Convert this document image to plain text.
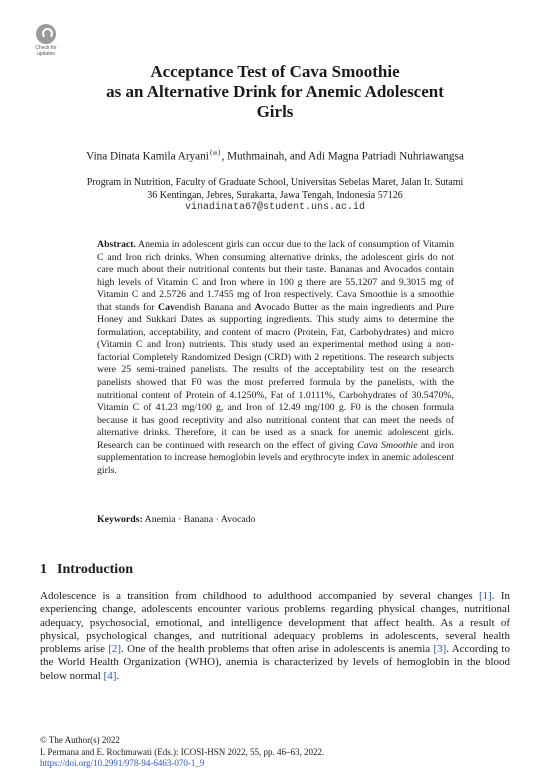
Check for
updates
Acceptance Test of Cava Smoothie
as an Alternative Drink for Anemic Adolescent
Girls
Vina Dinata Kamila Aryani(✉), Muthmainah, and Adi Magna Patriadi Nuhriawangsa
Program in Nutrition, Faculty of Graduate School, Universitas Sebelas Maret, Jalan Ir. Sutami
36 Kentingan, Jebres, Surakarta, Jawa Tengah, Indonesia 57126
vinadinata67@student.uns.ac.id
Abstract. Anemia in adolescent girls can occur due to the lack of consumption of Vitamin C and Iron rich drinks. When consuming alternative drinks, the adolescent girls do not care much about their nutritional contents but their taste. Bananas and Avocados contain high levels of Vitamin C and Iron where in 100 g there are 55.1207 and 9.3015 mg of Vitamin C and 2.5726 and 1.7455 mg of Iron respectively. Cava Smoothie is a smoothie that stands for Cavendish Banana and Avocado Butter as the main ingredients and Pure Honey and Sukkari Dates as supporting ingredients. This study aims to determine the formulation, acceptability, and content of macro (Protein, Fat, Carbohydrates) and micro (Vitamin C and Iron) nutrients. This study used an experimental method using a non-factorial Completely Randomized Design (CRD) with 2 repetitions. The research subjects were 25 semi-trained panelists. The results of the acceptability test on the research panelists showed that F0 was the most preferred formula by the panelists, with the nutritional content of Protein of 4.1250%, Fat of 1.0111%, Carbohydrates of 30.5470%, Vitamin C of 41.23 mg/100 g, and Iron of 12.49 mg/100 g. F0 is the chosen formula because it has good receptivity and also nutritional content that can meet the needs of alternative drinks. Therefore, it can be used as a snack for anemic adolescent girls. Research can be continued with research on the effect of giving Cava Smoothie and iron supplementation to increase hemoglobin levels and erythrocyte index in anemic adolescent girls.
Keywords: Anemia · Banana · Avocado
1 Introduction
Adolescence is a transition from childhood to adulthood accompanied by several changes [1]. In experiencing change, adolescents encounter various problems regarding physical changes, nutritional adequacy, psychosocial, emotional, and intelligence development that affect health. As a result of physical, psychological changes, and nutritional adequacy problems in adolescents, several health problems arise [2]. One of the health problems that often arise in adolescents is anemia [3]. According to the World Health Organization (WHO), anemia is characterized by levels of hemoglobin in the blood below normal [4].
© The Author(s) 2022
I. Permana and E. Rochmawati (Eds.): ICOSI-HSN 2022, 55, pp. 46–63, 2022.
https://doi.org/10.2991/978-94-6463-070-1_9
